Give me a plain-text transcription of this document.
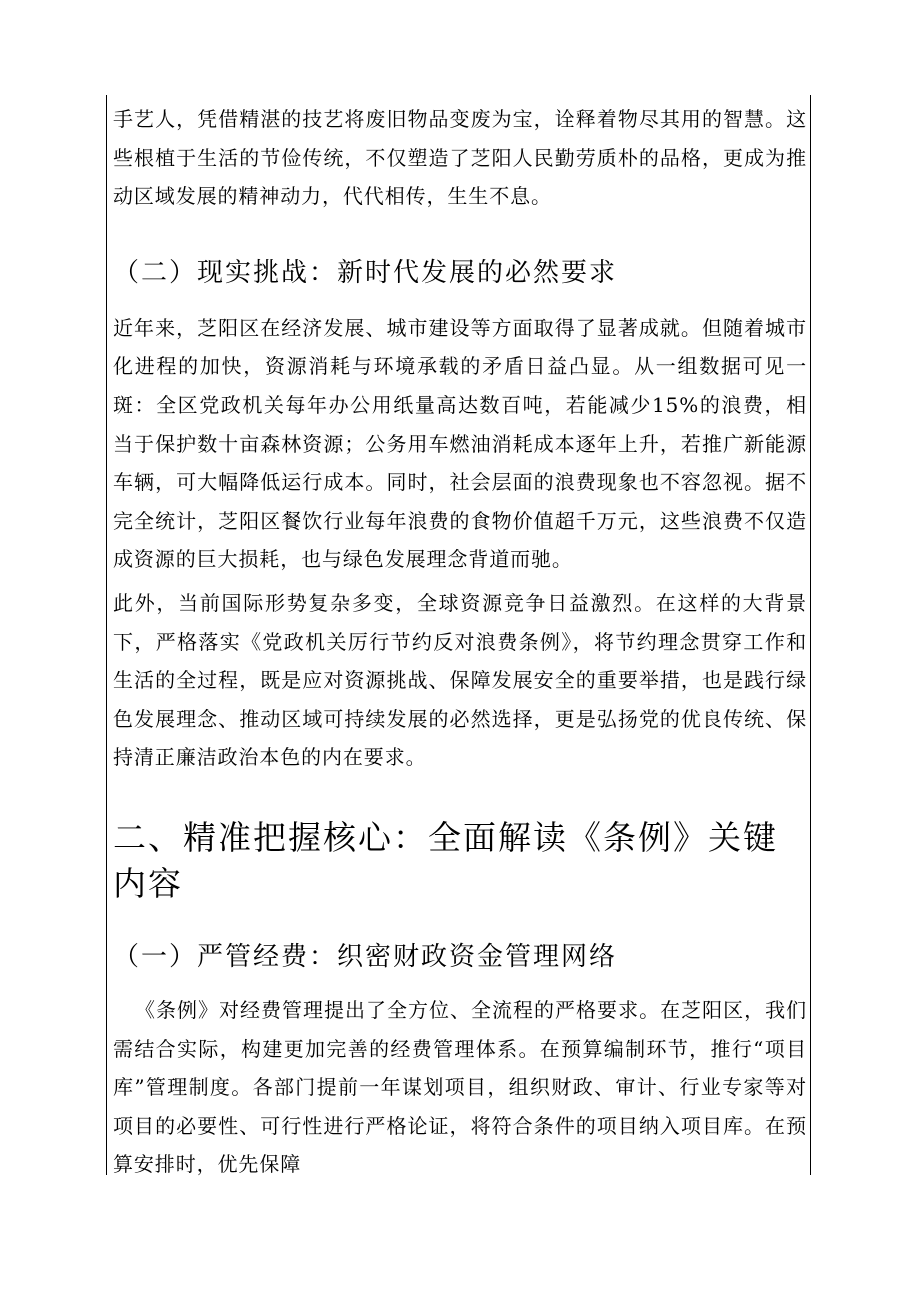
手艺人，凭借精湛的技艺将废旧物品变废为宝，诠释着物尽其用的智慧。这些根植于生活的节俭传统，不仅塑造了芝阳人民勤劳质朴的品格，更成为推动区域发展的精神动力，代代相传，生生不息。

（二）现实挑战：新时代发展的必然要求

近年来，芝阳区在经济发展、城市建设等方面取得了显著成就。但随着城市化进程的加快，资源消耗与环境承载的矛盾日益凸显。从一组数据可见一斑：全区党政机关每年办公用纸量高达数百吨，若能减少15%的浪费，相当于保护数十亩森林资源；公务用车燃油消耗成本逐年上升，若推广新能源车辆，可大幅降低运行成本。同时，社会层面的浪费现象也不容忽视。据不完全统计，芝阳区餐饮行业每年浪费的食物价值超千万元，这些浪费不仅造成资源的巨大损耗，也与绿色发展理念背道而驰。

此外，当前国际形势复杂多变，全球资源竞争日益激烈。在这样的大背景下，严格落实《党政机关厉行节约反对浪费条例》，将节约理念贯穿工作和生活的全过程，既是应对资源挑战、保障发展安全的重要举措，也是践行绿色发展理念、推动区域可持续发展的必然选择，更是弘扬党的优良传统、保持清正廉洁政治本色的内在要求。

二、精准把握核心：全面解读《条例》关键内容
（一）严管经费：织密财政资金管理网络

《条例》对经费管理提出了全方位、全流程的严格要求。在芝阳区，我们需结合实际，构建更加完善的经费管理体系。在预算编制环节，推行“项目库”管理制度。各部门提前一年谋划项目，组织财政、审计、行业专家等对项目的必要性、可行性进行严格论证，将符合条件的项目纳入项目库。在预算安排时，优先保障
